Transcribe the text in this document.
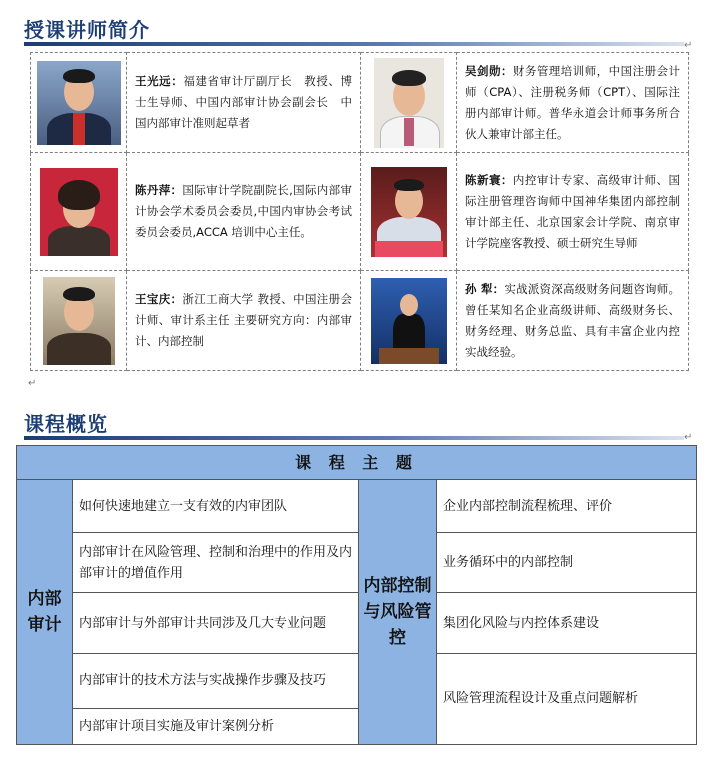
授课讲师简介
↵
	王光远：福建省审计厅副厅长　教授、博士生导师、中国内部审计协会副会长　中国内部审计准则起草者		吴剑勋：财务管理培训师，中国注册会计师（CPA）、注册税务师（CPT）、国际注册内部审计师。普华永道会计师事务所合伙人兼审计部主任。

	陈丹萍：国际审计学院副院长,国际内部审计协会学术委员会委员,中国内审协会考试委员会委员,ACCA 培训中心主任。		陈新寰：内控审计专家、高级审计师、国际注册管理咨询师中国神华集团内部控制审计部主任、北京国家会计学院、南京审计学院座客教授、硕士研究生导师

	王宝庆：浙江工商大学 教授、中国注册会计师、审计系主任 主要研究方向：内部审计、内部控制		孙 犁：实战派资深高级财务问题咨询师。曾任某知名企业高级讲师、高级财务长、财务经理、财务总监、具有丰富企业内控实战经验。
↵
课程概览
↵
课 程 主 题			
内部审计	如何快速地建立一支有效的内审团队	内部控制与风险管控	企业内部控制流程梳理、评价
	内部审计在风险管理、控制和治理中的作用及内部审计的增值作用		业务循环中的内部控制
	内部审计与外部审计共同涉及几大专业问题		集团化风险与内控体系建设
	内部审计的技术方法与实战操作步骤及技巧		风险管理流程设计及重点问题解析
	内部审计项目实施及审计案例分析		
